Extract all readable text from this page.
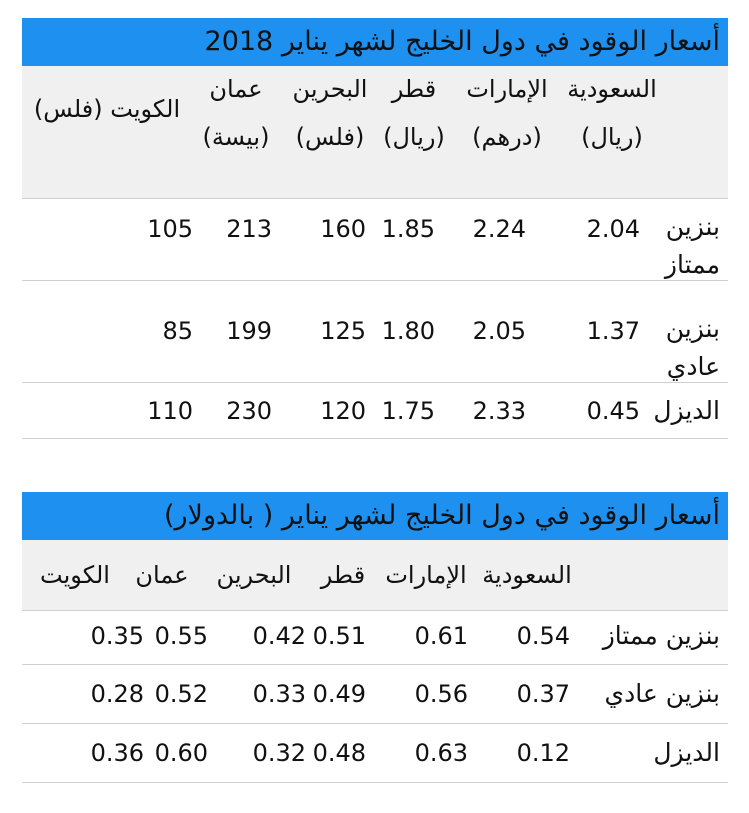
أسعار الوقود في دول الخليج لشهر يناير 2018
السعودية
(ريال)
الإمارات
(درهم)
قطر
(ريال)
البحرين
(فلس)
عمان
(بيسة)
الكويت (فلس)
بنزين ممتاز
2.04
2.24
1.85
160
213
105
بنزين عادي
1.37
2.05
1.80
125
199
85
الديزل
0.45
2.33
1.75
120
230
110
أسعار الوقود في دول الخليج لشهر يناير ( بالدولار)
السعودية
الإمارات
قطر
البحرين
عمان
الكويت
بنزين ممتاز
0.54
0.61
0.51
0.42
0.55
0.35
بنزين عادي
0.37
0.56
0.49
0.33
0.52
0.28
الديزل
0.12
0.63
0.48
0.32
0.60
0.36
